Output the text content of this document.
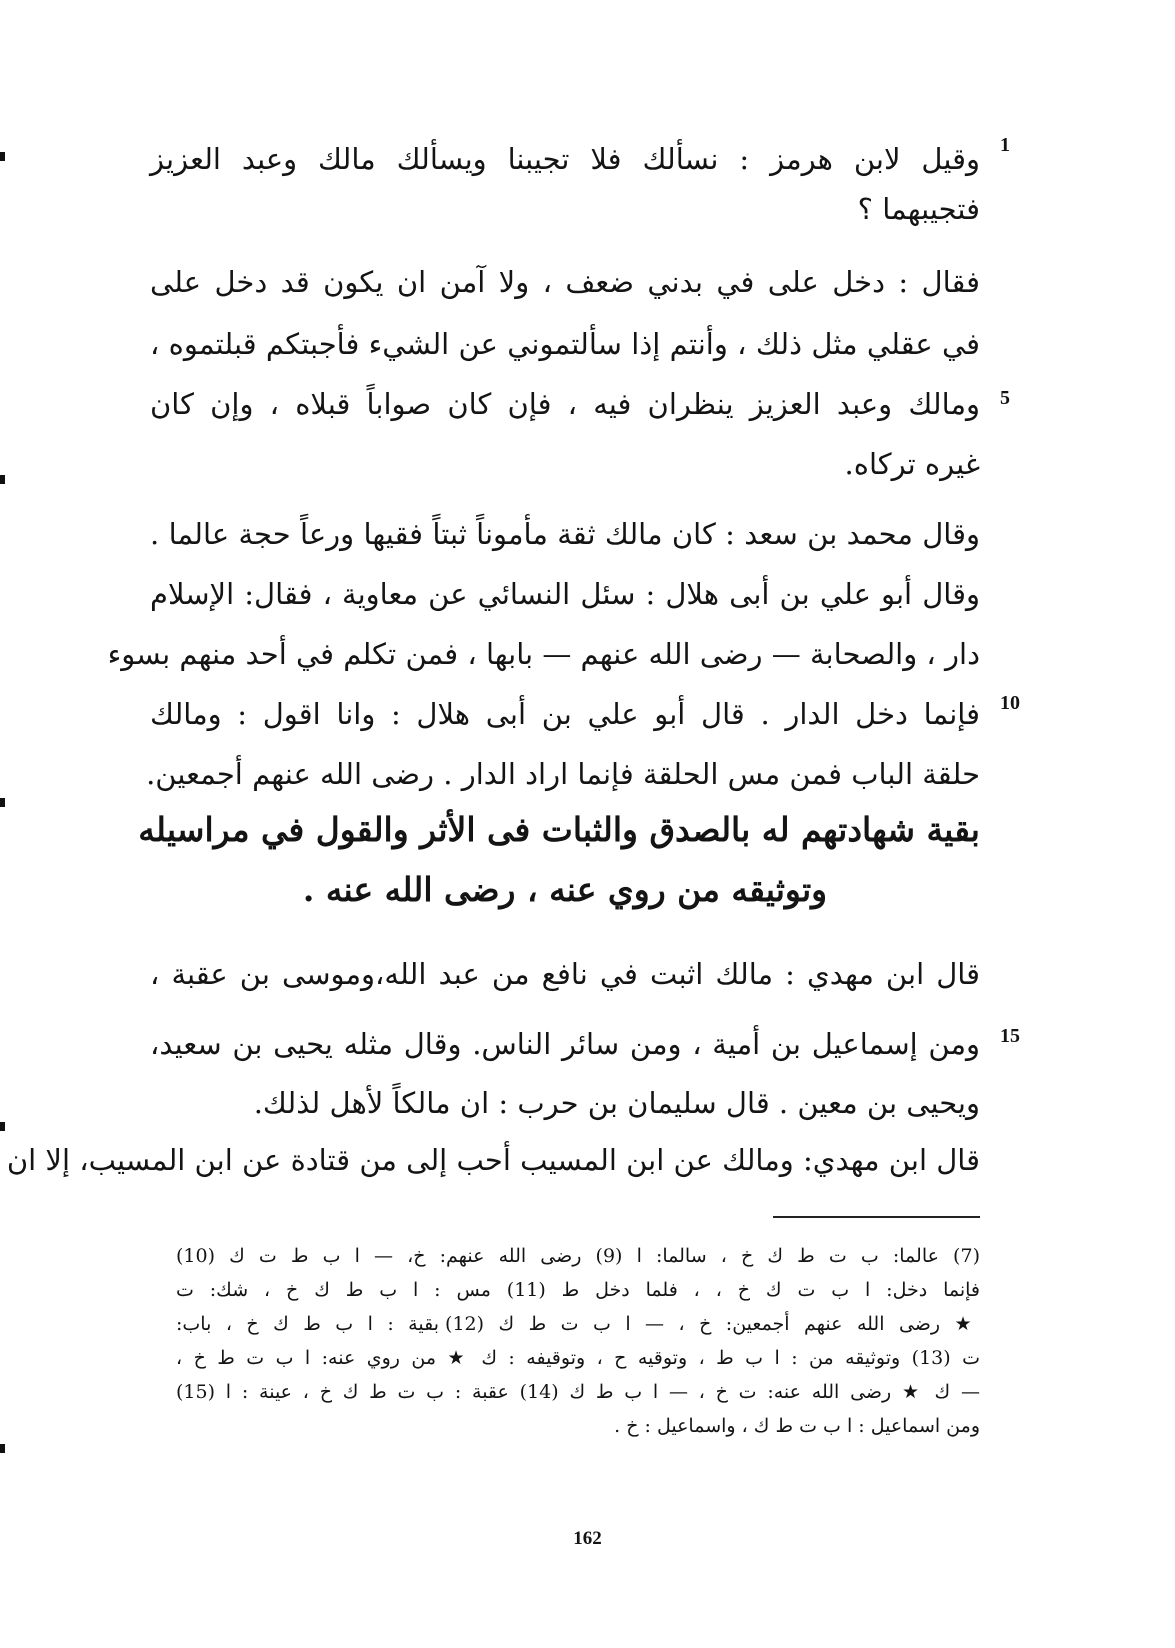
1
5
10
15

وقيل لابن هرمز : نسألك فلا تجيبنا ويسألك مالك وعبد العزيز

فتجيبهما ؟

فقال : دخل على في بدني ضعف ، ولا آمن ان يكون قد دخل على

في عقلي مثل ذلك ، وأنتم إذا سألتموني عن الشيء فأجبتكم قبلتموه ،

ومالك وعبد العزيز ينظران فيه ، فإن كان صواباً قبلاه ، وإن كان

غيره تركاه.

وقال محمد بن سعد : كان مالك ثقة مأموناً ثبتاً فقيها ورعاً حجة عالما .

وقال أبو علي بن أبى هلال : سئل النسائي عن معاوية ، فقال: الإسلام

دار ، والصحابة — رضى الله عنهم — بابها ، فمن تكلم في أحد منهم بسوء

فإنما دخل الدار . قال أبو علي بن أبى هلال : وانا اقول : ومالك

حلقة الباب فمن مس الحلقة فإنما اراد الدار . رضى الله عنهم أجمعين.

بقية شهادتهم له بالصدق والثبات فى الأثر والقول في مراسيله

وتوثيقه من روي عنه ، رضى الله عنه .

قال ابن مهدي : مالك اثبت في نافع من عبد الله،وموسى بن عقبة ،

ومن إسماعيل بن أمية ، ومن سائر الناس. وقال مثله يحيى بن سعيد،

ويحيى بن معين . قال سليمان بن حرب : ان مالكاً لأهل لذلك.

قال ابن مهدي: ومالك عن ابن المسيب أحب إلى من قتادة عن ابن المسيب، إلا ان

(7) عالما: ب ت ط ك خ ، سالما: ا (9) رضى الله عنهم: خ، — ا ب ط ت ك (10)

فإنما دخل: ا ب ت ك خ ، ، فلما دخل ط (11) مس : ا ب ط ك خ ، شك: ت

★ رضى الله عنهم أجمعين: خ ، — ا ب ت ط ك (12) بقية : ا ب ط ك خ ، باب:

ت (13) وتوثيقه من : ا ب ط ، وتوقيه ح ، وتوقيفه : ك ★ من روي عنه: ا ب ت ط خ ،

— ك ★ رضى الله عنه: ت خ ، — ا ب ط ك (14) عقبة : ب ت ط ك خ ، عينة : ا (15)

ومن اسماعيل : ا ب ت ط ك ، واسماعيل : خ .

162
